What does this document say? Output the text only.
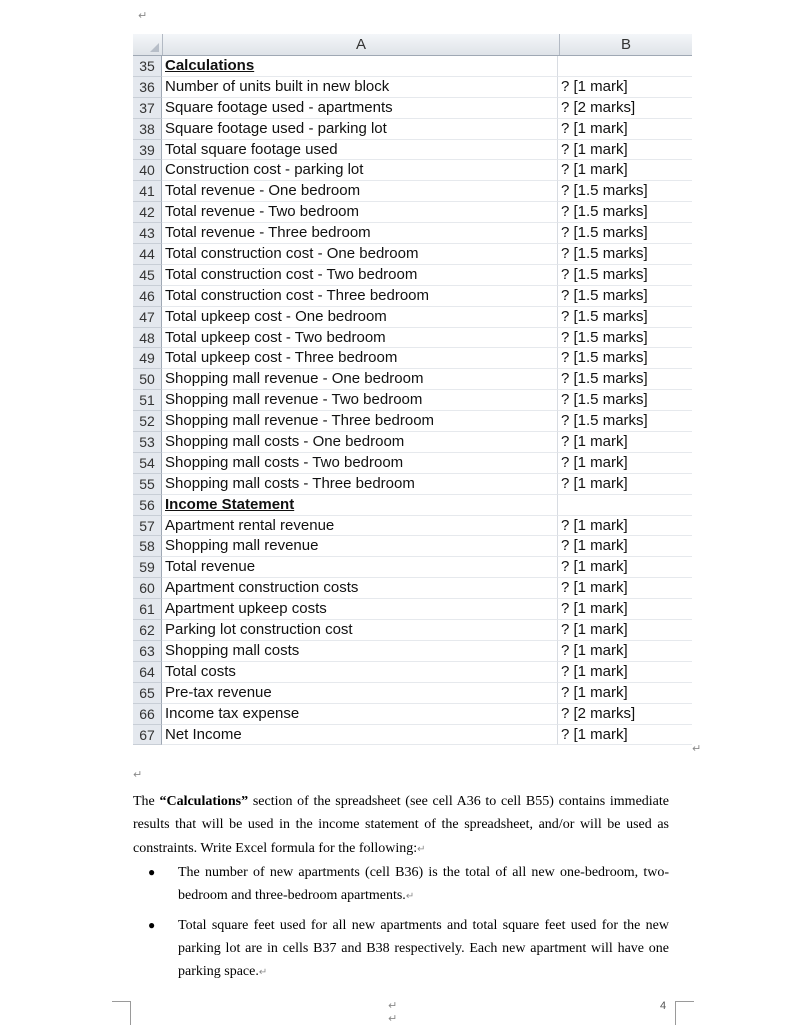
↵
A	B
35 Calculations
36 Number of units built in new block	? [1 mark]
37 Square footage used - apartments	? [2 marks]
38 Square footage used - parking lot	? [1 mark]
39 Total square footage used	? [1 mark]
40 Construction cost - parking lot	? [1 mark]
41 Total revenue - One bedroom	? [1.5 marks]
42 Total revenue - Two bedroom	? [1.5 marks]
43 Total revenue - Three bedroom	? [1.5 marks]
44 Total construction cost - One bedroom	? [1.5 marks]
45 Total construction cost - Two bedroom	? [1.5 marks]
46 Total construction cost - Three bedroom	? [1.5 marks]
47 Total upkeep cost - One bedroom	? [1.5 marks]
48 Total upkeep cost - Two bedroom	? [1.5 marks]
49 Total upkeep cost - Three bedroom	? [1.5 marks]
50 Shopping mall revenue - One bedroom	? [1.5 marks]
51 Shopping mall revenue - Two bedroom	? [1.5 marks]
52 Shopping mall revenue - Three bedroom	? [1.5 marks]
53 Shopping mall costs - One bedroom	? [1 mark]
54 Shopping mall costs - Two bedroom	? [1 mark]
55 Shopping mall costs - Three bedroom	? [1 mark]
56 Income Statement
57 Apartment rental revenue	? [1 mark]
58 Shopping mall revenue	? [1 mark]
59 Total revenue	? [1 mark]
60 Apartment construction costs	? [1 mark]
61 Apartment upkeep costs	? [1 mark]
62 Parking lot construction cost	? [1 mark]
63 Shopping mall costs	? [1 mark]
64 Total costs	? [1 mark]
65 Pre-tax revenue	? [1 mark]
66 Income tax expense	? [2 marks]
67 Net Income	? [1 mark]
↵
↵
The “Calculations” section of the spreadsheet (see cell A36 to cell B55) contains immediate results that will be used in the income statement of the spreadsheet, and/or will be used as constraints. Write Excel formula for the following:↵
● The number of new apartments (cell B36) is the total of all new one-bedroom, two-bedroom and three-bedroom apartments.↵
● Total square feet used for all new apartments and total square feet used for the new parking lot are in cells B37 and B38 respectively. Each new apartment will have one parking space.↵
↵
↵
4
